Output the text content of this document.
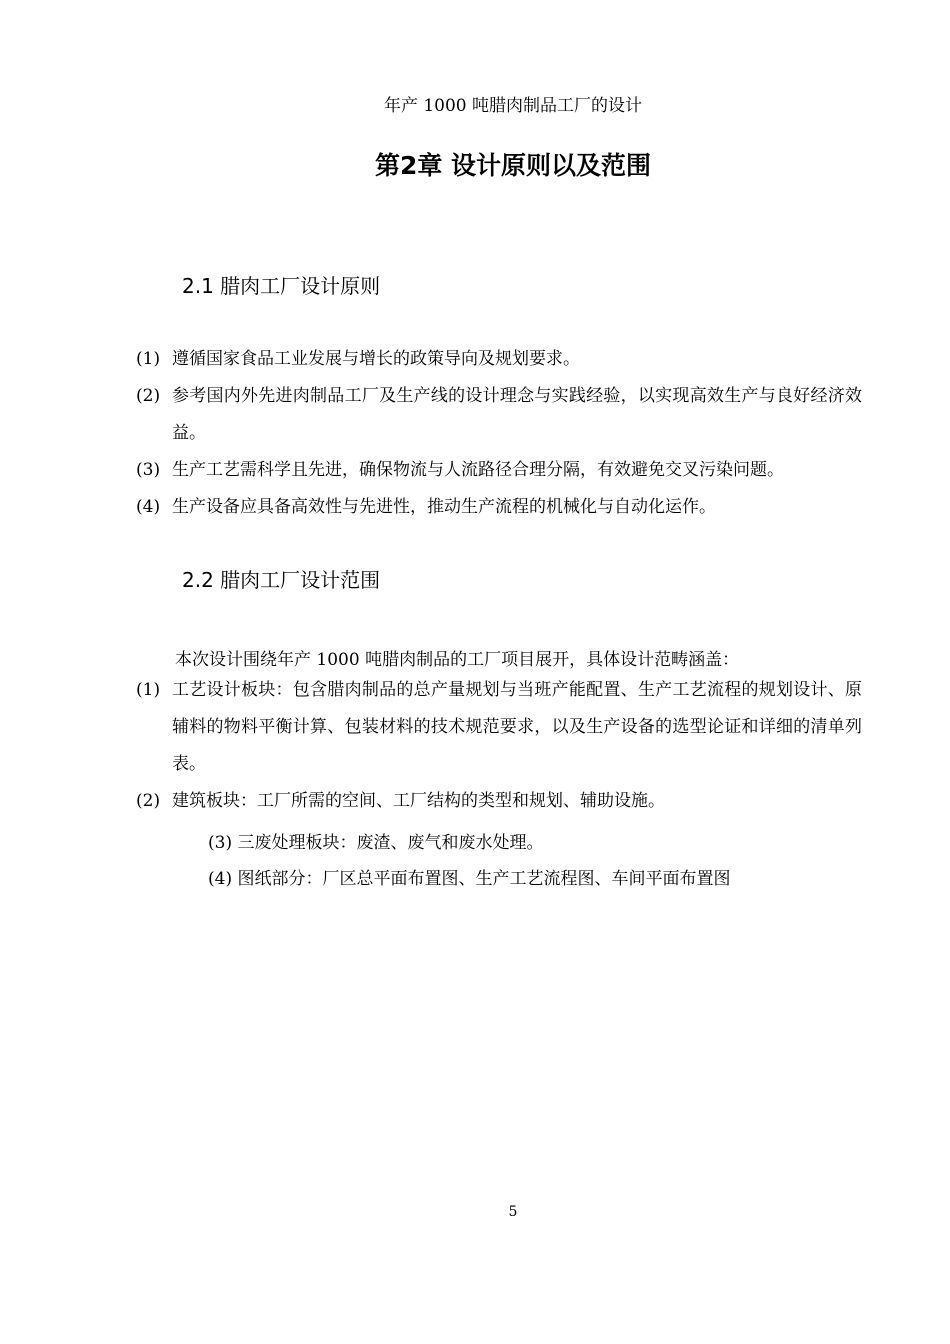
年产 1000 吨腊肉制品工厂的设计
第2章 设计原则以及范围
2.1 腊肉工厂设计原则
(1) 遵循国家食品工业发展与增长的政策导向及规划要求。
(2) 参考国内外先进肉制品工厂及生产线的设计理念与实践经验，以实现高效生产与良好经济效益。
(3) 生产工艺需科学且先进，确保物流与人流路径合理分隔，有效避免交叉污染问题。
(4) 生产设备应具备高效性与先进性，推动生产流程的机械化与自动化运作。
2.2 腊肉工厂设计范围
本次设计围绕年产 1000 吨腊肉制品的工厂项目展开，具体设计范畴涵盖：
(1) 工艺设计板块：包含腊肉制品的总产量规划与当班产能配置、生产工艺流程的规划设计、原辅料的物料平衡计算、包装材料的技术规范要求，以及生产设备的选型论证和详细的清单列表。
(2) 建筑板块：工厂所需的空间、工厂结构的类型和规划、辅助设施。
(3) 三废处理板块：废渣、废气和废水处理。
(4) 图纸部分：厂区总平面布置图、生产工艺流程图、车间平面布置图
5
